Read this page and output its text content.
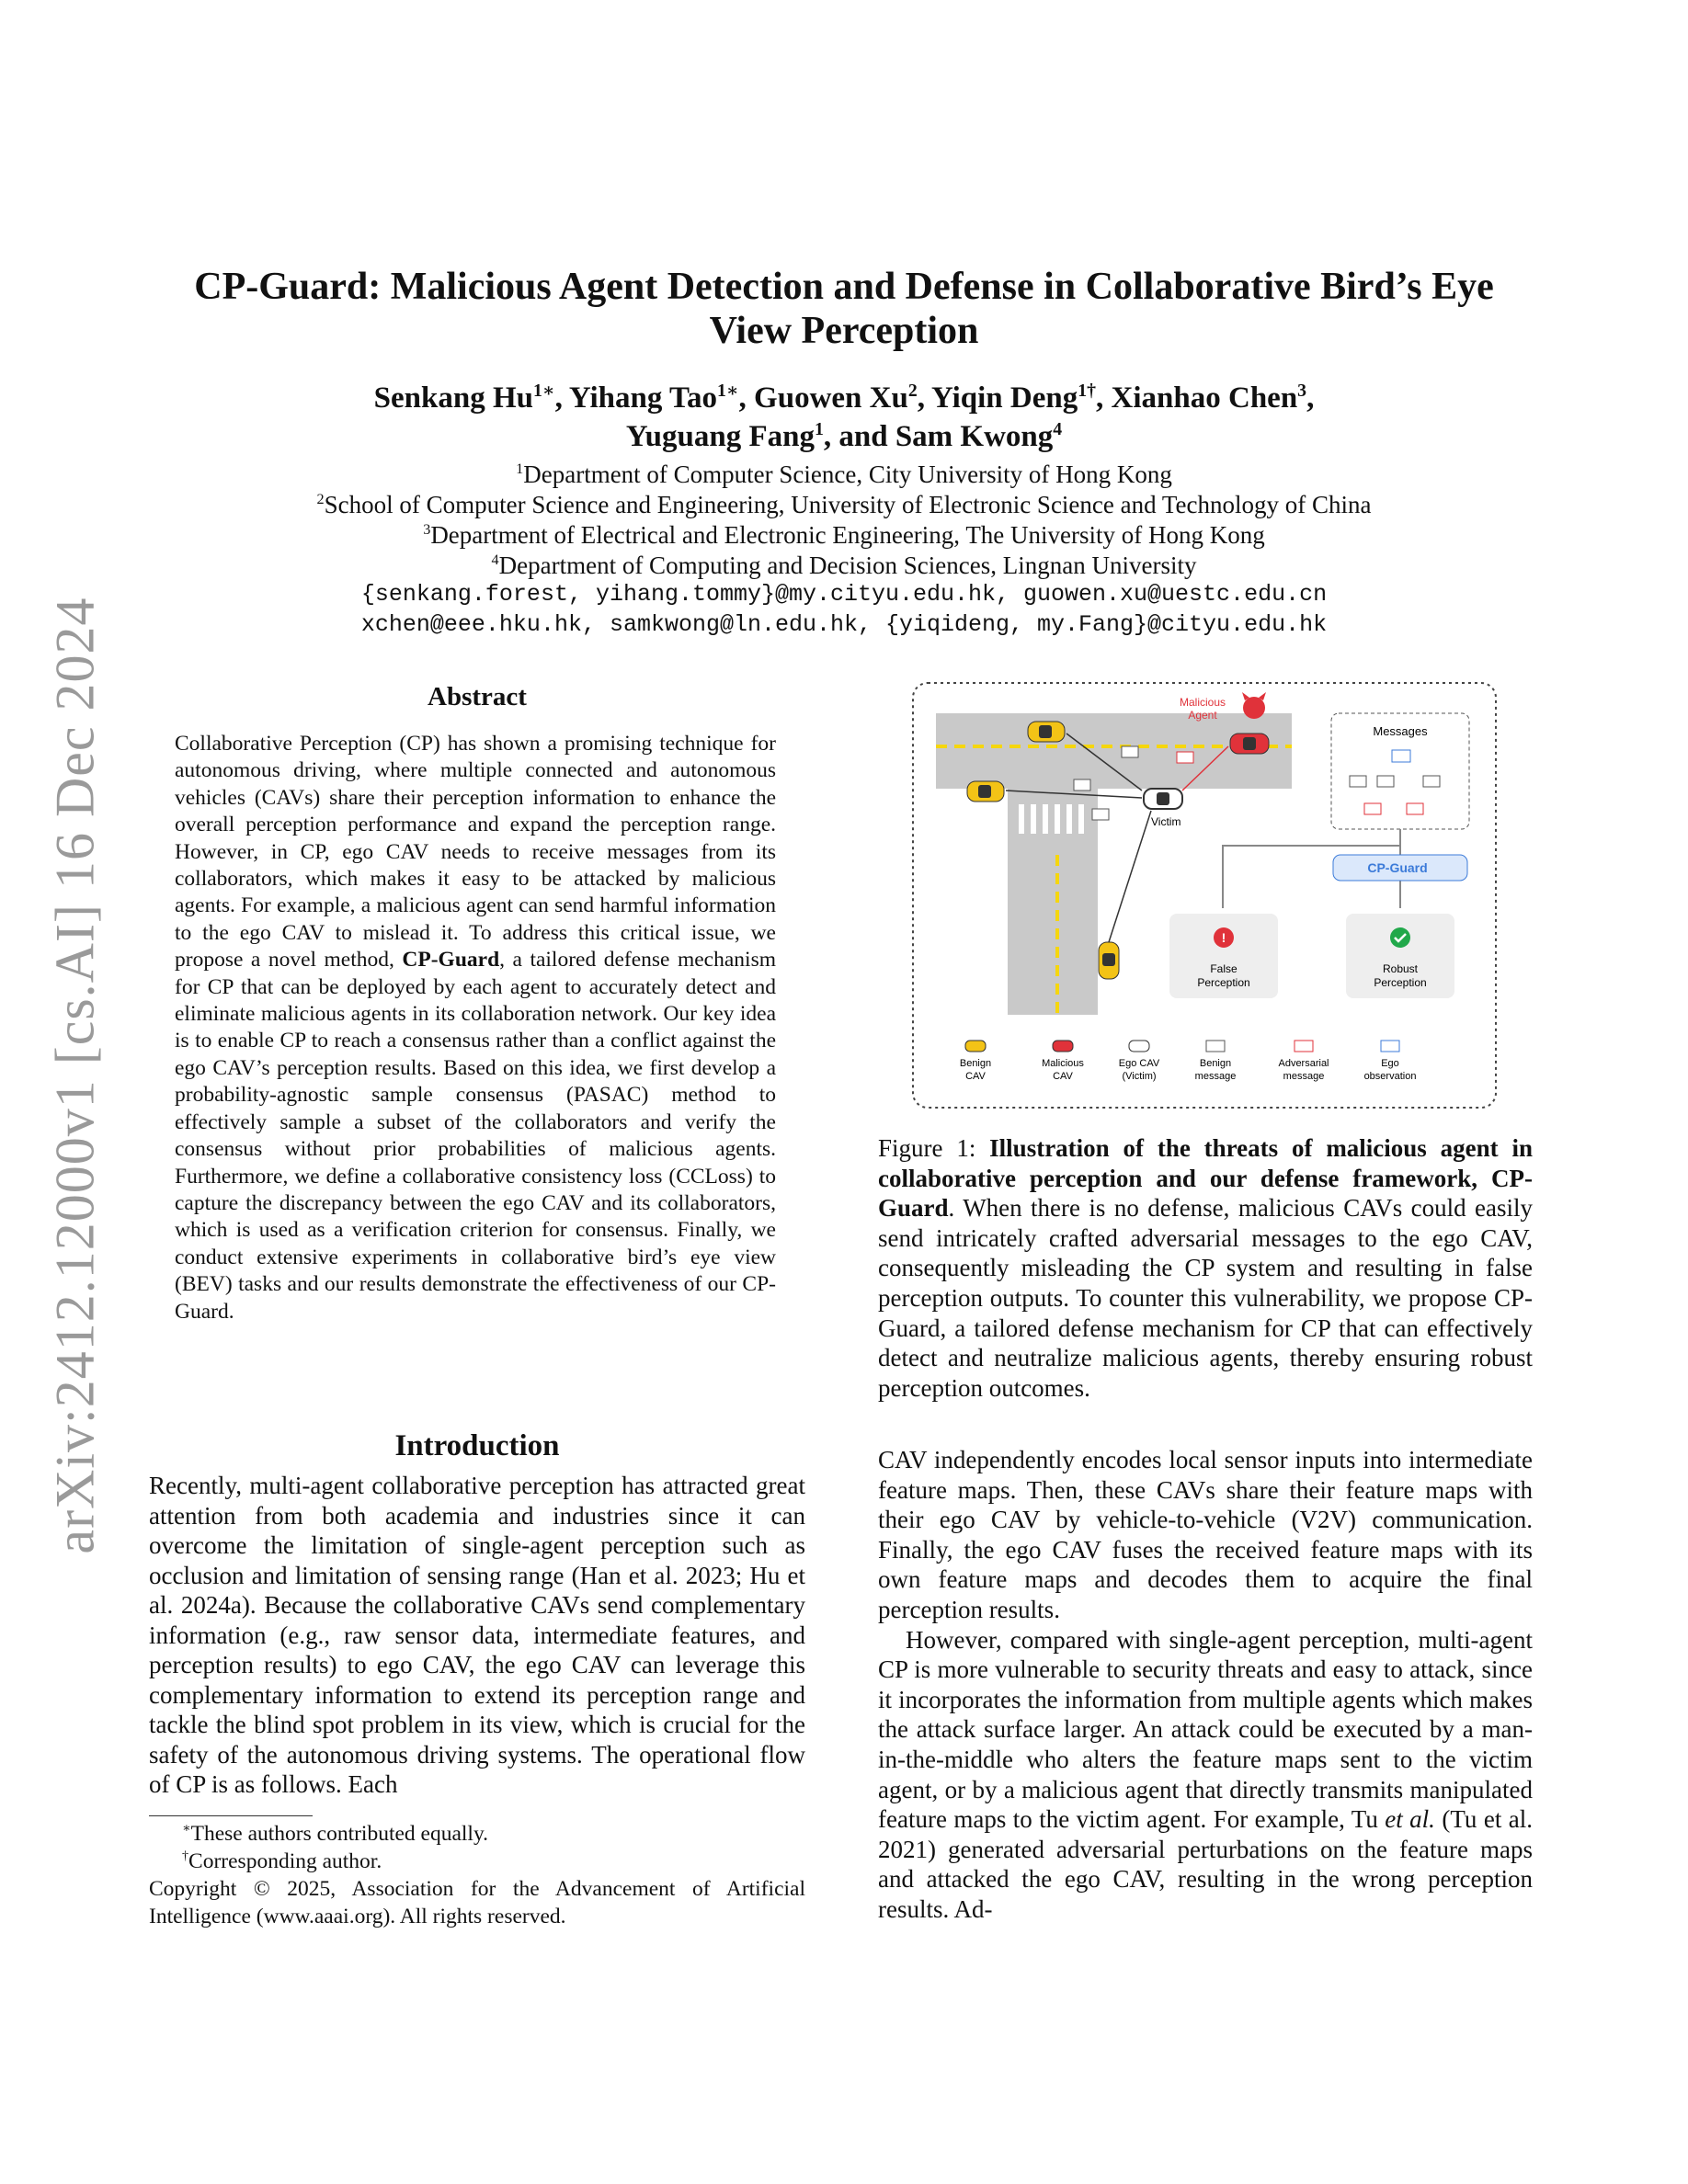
arXiv:2412.12000v1 [cs.AI] 16 Dec 2024
CP-Guard: Malicious Agent Detection and Defense in Collaborative Bird’s Eye
View Perception
Senkang $Hu^{1∗}$, Yihang Tao$^{1∗}$, Guowen Xu$^2$, Yiqin Deng$^{1\dagger}$, Xianhao Chen$^3$,
Yuguang Fang$^1$, and Sam Kwong$^4$
$^1$Department of Computer Science, City University of Hong Kong
$^2$School of Computer Science and Engineering, University of Electronic Science and Technology of China
$^3$Department of Electrical and Electronic Engineering, The University of Hong Kong
$^4$Department of Computing and Decision Sciences, Lingnan University
{senkang.forest, yihang.tommy}@my.cityu.edu.hk, guowen.xu@uestc.edu.cn
xchen@eee.hku.hk, samkwong@ln.edu.hk, {yiqideng, my.Fang}@cityu.edu.hk
Abstract
Collaborative Perception (CP) has shown a promising technique for autonomous driving, where multiple connected and autonomous vehicles (CAVs) share their perception information to enhance the overall perception performance and expand the perception range. However, in CP, ego CAV needs to receive messages from its collaborators, which makes it easy to be attacked by malicious agents. For example, a malicious agent can send harmful information to the ego CAV to mislead it. To address this critical issue, we propose a novel method, CP-Guard, a tailored defense mechanism for CP that can be deployed by each agent to accurately detect and eliminate malicious agents in its collaboration network. Our key idea is to enable CP to reach a consensus rather than a conflict against the ego CAV’s perception results. Based on this idea, we first develop a probability-agnostic sample consensus (PASAC) method to effectively sample a subset of the collaborators and verify the consensus without prior probabilities of malicious agents. Furthermore, we define a collaborative consistency loss (CCLoss) to capture the discrepancy between the ego CAV and its collaborators, which is used as a verification criterion for consensus. Finally, we conduct extensive experiments in collaborative bird’s eye view (BEV) tasks and our results demonstrate the effectiveness of our CP-Guard.
Introduction
Recently, multi-agent collaborative perception has attracted great attention from both academia and industries since it can overcome the limitation of single-agent perception such as occlusion and limitation of sensing range (Han et al. 2023; Hu et al. 2024a). Because the collaborative CAVs send complementary information (e.g., raw sensor data, intermediate features, and perception results) to ego CAV, the ego CAV can leverage this complementary information to extend its perception range and tackle the blind spot problem in its view, which is crucial for the safety of the autonomous driving systems. The operational flow of CP is as follows. Each
∗These authors contributed equally.
†Corresponding author.
Copyright © 2025, Association for the Advancement of Artificial Intelligence (www.aaai.org). All rights reserved.
Malicious Agent
Victim
Messages
CP-Guard
!
False Perception
Robust Perception
Benign CAV
Malicious CAV
Ego CAV (Victim)
Benign message
Adversarial message
Ego observation
Figure 1: Illustration of the threats of malicious agent in collaborative perception and our defense framework, CP-Guard. When there is no defense, malicious CAVs could easily send intricately crafted adversarial messages to the ego CAV, consequently misleading the CP system and resulting in false perception outputs. To counter this vulnerability, we propose CP-Guard, a tailored defense mechanism for CP that can effectively detect and neutralize malicious agents, thereby ensuring robust perception outcomes.

CAV independently encodes local sensor inputs into intermediate feature maps. Then, these CAVs share their feature maps with their ego CAV by vehicle-to-vehicle (V2V) communication. Finally, the ego CAV fuses the received feature maps with its own feature maps and decodes them to acquire the final perception results.

However, compared with single-agent perception, multi-agent CP is more vulnerable to security threats and easy to attack, since it incorporates the information from multiple agents which makes the attack surface larger. An attack could be executed by a man-in-the-middle who alters the feature maps sent to the victim agent, or by a malicious agent that directly transmits manipulated feature maps to the victim agent. For example, Tu et al. (Tu et al. 2021) generated adversarial perturbations on the feature maps and attacked the ego CAV, resulting in the wrong perception results. Ad-
